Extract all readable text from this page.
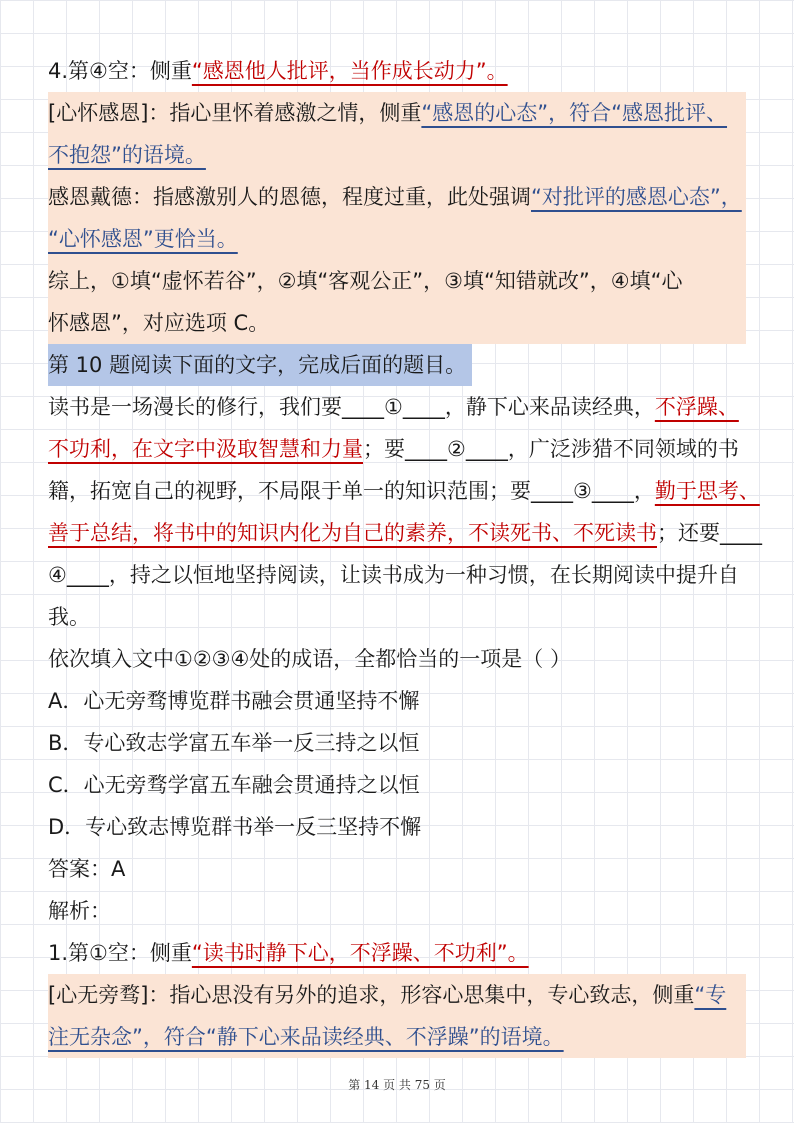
4.第④空：侧重“感恩他人批评，当作成长动力”。
[心怀感恩]：指心里怀着感激之情，侧重“感恩的心态”，符合“感恩批评、
不抱怨”的语境。
感恩戴德：指感激别人的恩德，程度过重，此处强调“对批评的感恩心态”，
“心怀感恩”更恰当。
综上，①填“虚怀若谷”，②填“客观公正”，③填“知错就改”，④填“心
怀感恩”，对应选项 C。
第 10 题阅读下面的文字，完成后面的题目。
读书是一场漫长的修行，我们要____①____，静下心来品读经典，不浮躁、
不功利，在文字中汲取智慧和力量；要____②____，广泛涉猎不同领域的书
籍，拓宽自己的视野，不局限于单一的知识范围；要____③____，勤于思考、
善于总结，将书中的知识内化为自己的素养，不读死书、不死读书；还要____
④____，持之以恒地坚持阅读，让读书成为一种习惯，在长期阅读中提升自
我。
依次填入文中①②③④处的成语，全都恰当的一项是（ ）
A．心无旁骛博览群书融会贯通坚持不懈
B．专心致志学富五车举一反三持之以恒
C．心无旁骛学富五车融会贯通持之以恒
D．专心致志博览群书举一反三坚持不懈
答案：A
解析：
1.第①空：侧重“读书时静下心，不浮躁、不功利”。
[心无旁骛]：指心思没有另外的追求，形容心思集中，专心致志，侧重“专
注无杂念”，符合“静下心来品读经典、不浮躁”的语境。
第 14 页 共 75 页
